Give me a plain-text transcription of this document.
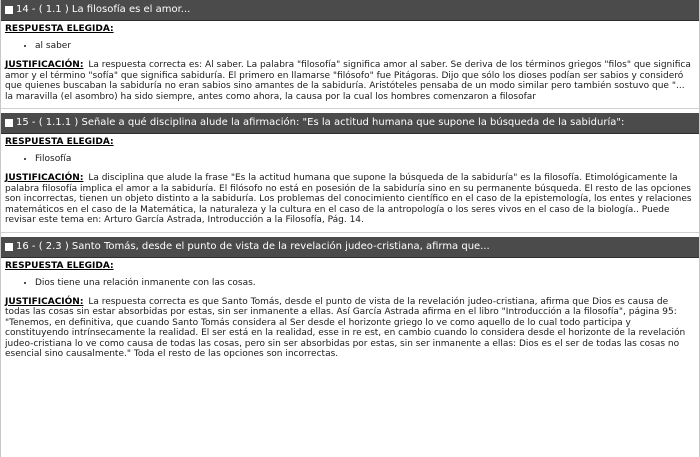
14 - ( 1.1 ) La filosofía es el amor...
RESPUESTA ELEGIDA:
• al saber

JUSTIFICACIÓN: La respuesta correcta es: Al saber. La palabra "filosofía" significa amor al saber. Se deriva de los términos griegos "filos" que significa amor y el término "sofía" que significa sabiduría. El primero en llamarse "filósofo" fue Pitágoras. Dijo que sólo los dioses podían ser sabios y consideró que quienes buscaban la sabiduría no eran sabios sino amantes de la sabiduría. Aristóteles pensaba de un modo similar pero también sostuvo que "... la maravilla (el asombro) ha sido siempre, antes como ahora, la causa por la cual los hombres comenzaron a filosofar

15 - ( 1.1.1 ) Señale a qué disciplina alude la afirmación: "Es la actitud humana que supone la búsqueda de la sabiduría":
RESPUESTA ELEGIDA:
• Filosofía

JUSTIFICACIÓN: La disciplina que alude la frase "Es la actitud humana que supone la búsqueda de la sabiduría" es la filosofía. Etimológicamente la palabra filosofía implica el amor a la sabiduría. El filósofo no está en posesión de la sabiduría sino en su permanente búsqueda. El resto de las opciones son incorrectas, tienen un objeto distinto a la sabiduría. Los problemas del conocimiento científico en el caso de la epistemología, los entes y relaciones matemáticos en el caso de la Matemática, la naturaleza y la cultura en el caso de la antropología o los seres vivos en el caso de la biología.. Puede revisar este tema en: Arturo García Astrada, Introducción a la Filosofía, Pág. 14.

16 - ( 2.3 ) Santo Tomás, desde el punto de vista de la revelación judeo-cristiana, afirma que...
RESPUESTA ELEGIDA:
• Dios tiene una relación inmanente con las cosas.

JUSTIFICACIÓN: La respuesta correcta es que Santo Tomás, desde el punto de vista de la revelación judeo-cristiana, afirma que Dios es causa de todas las cosas sin estar absorbidas por estas, sin ser inmanente a ellas. Así García Astrada afirma en el libro "Introducción a la filosofía", página 95: "Tenemos, en definitiva, que cuando Santo Tomás considera al Ser desde el horizonte griego lo ve como aquello de lo cual todo participa y constituyendo intrínsecamente la realidad. El ser está en la realidad, esse in re est, en cambio cuando lo considera desde el horizonte de la revelación judeo-cristiana lo ve como causa de todas las cosas, pero sin ser absorbidas por estas, sin ser inmanente a ellas: Dios es el ser de todas las cosas no esencial sino causalmente." Toda el resto de las opciones son incorrectas.
